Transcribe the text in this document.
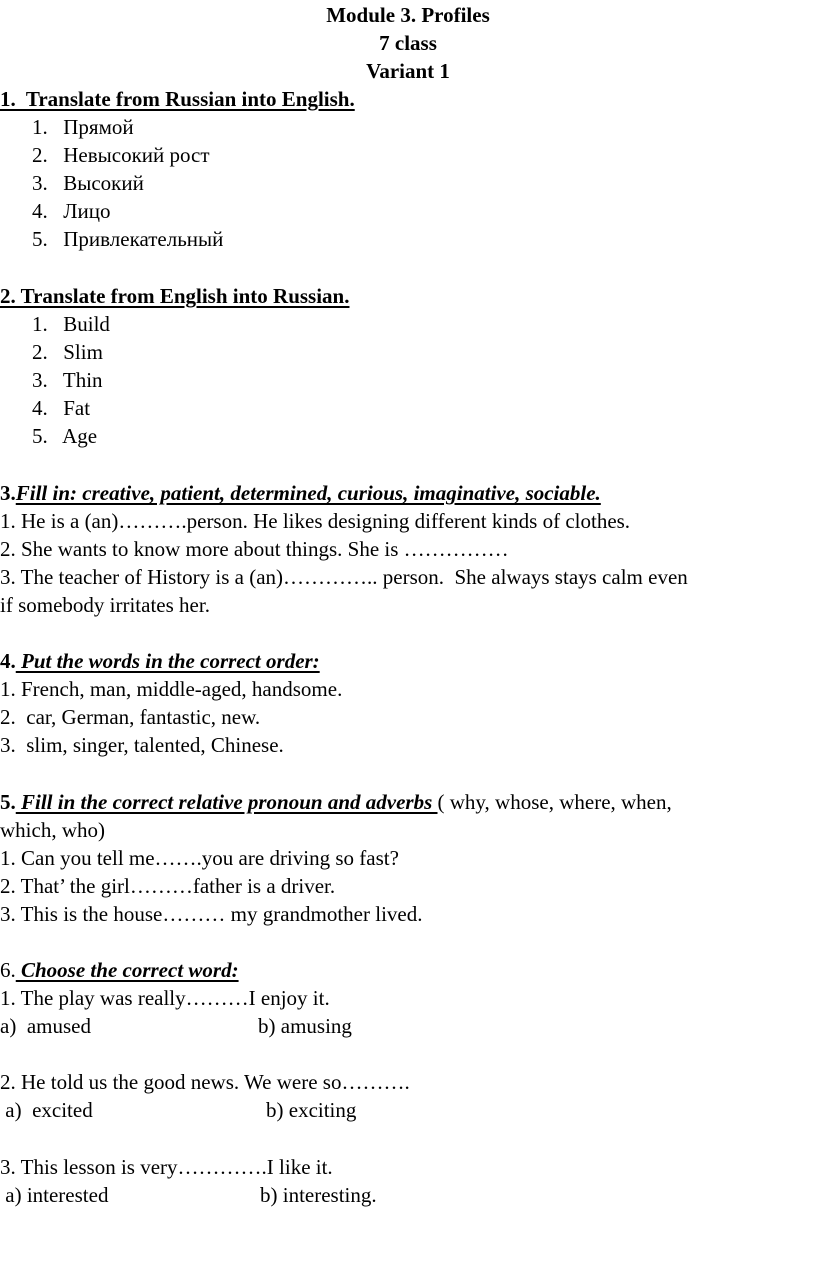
Module 3. Profiles
7 class
Variant 1
1.  Translate from Russian into English.
1. Прямой
2. Невысокий рост
3. Высокий
4. Лицо
5. Привлекательный
2. Translate from English into Russian.
1. Build
2. Slim
3. Thin
4. Fat
5. Age
3.Fill in: creative, patient, determined, curious, imaginative, sociable.
1. He is a (an)……….person. He likes designing different kinds of clothes.
2. She wants to know more about things. She is ……………
3. The teacher of History is a (an)………….. person.  She always stays calm even
if somebody irritates her.
4. Put the words in the correct order:
1. French, man, middle-aged, handsome.
2.  car, German, fantastic, new.
3.  slim, singer, talented, Chinese.
5. Fill in the correct relative pronoun and adverbs ( why, whose, where, when,
which, who)
1. Can you tell me…….you are driving so fast?
2. That’ the girl………father is a driver.
3. This is the house……… my grandmother lived.
6. Choose the correct word:
1. The play was really………I enjoy it.
a)  amused	b) amusing
2. He told us the good news. We were so……….
a)  excited	b) exciting
3. This lesson is very………….I like it.
a) interested	b) interesting.
